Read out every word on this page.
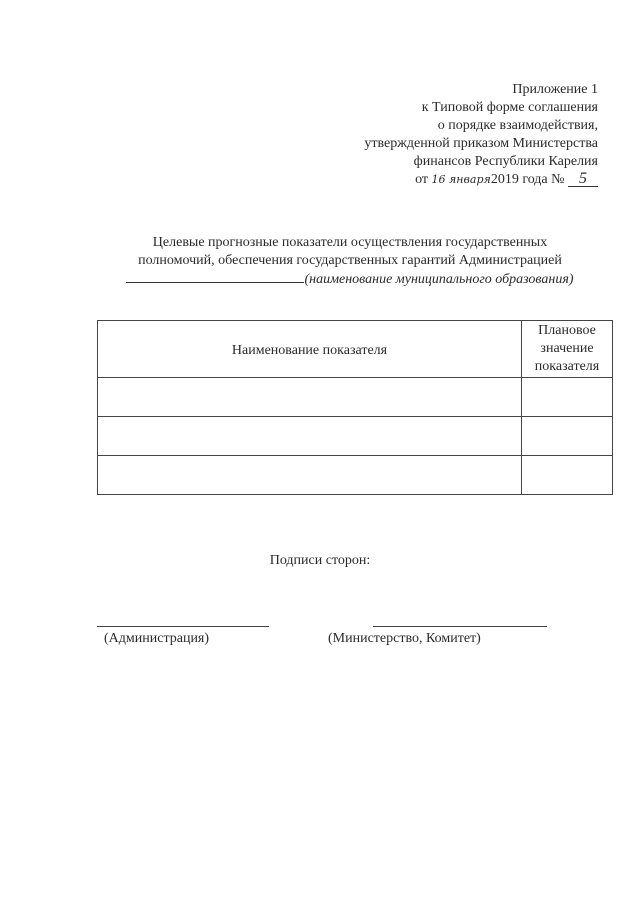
Приложение 1
к Типовой форме соглашения
о порядке взаимодействия,
утвержденной приказом Министерства
финансов Республики Карелия
от 16 января2019 года № 5
Целевые прогнозные показатели осуществления государственных
полномочий, обеспечения государственных гарантий Администрацией
(наименование муниципального образования)
Наименование показателя	Плановое
значение
показателя

Подписи сторон:
(Администрация)	(Министерство, Комитет)
